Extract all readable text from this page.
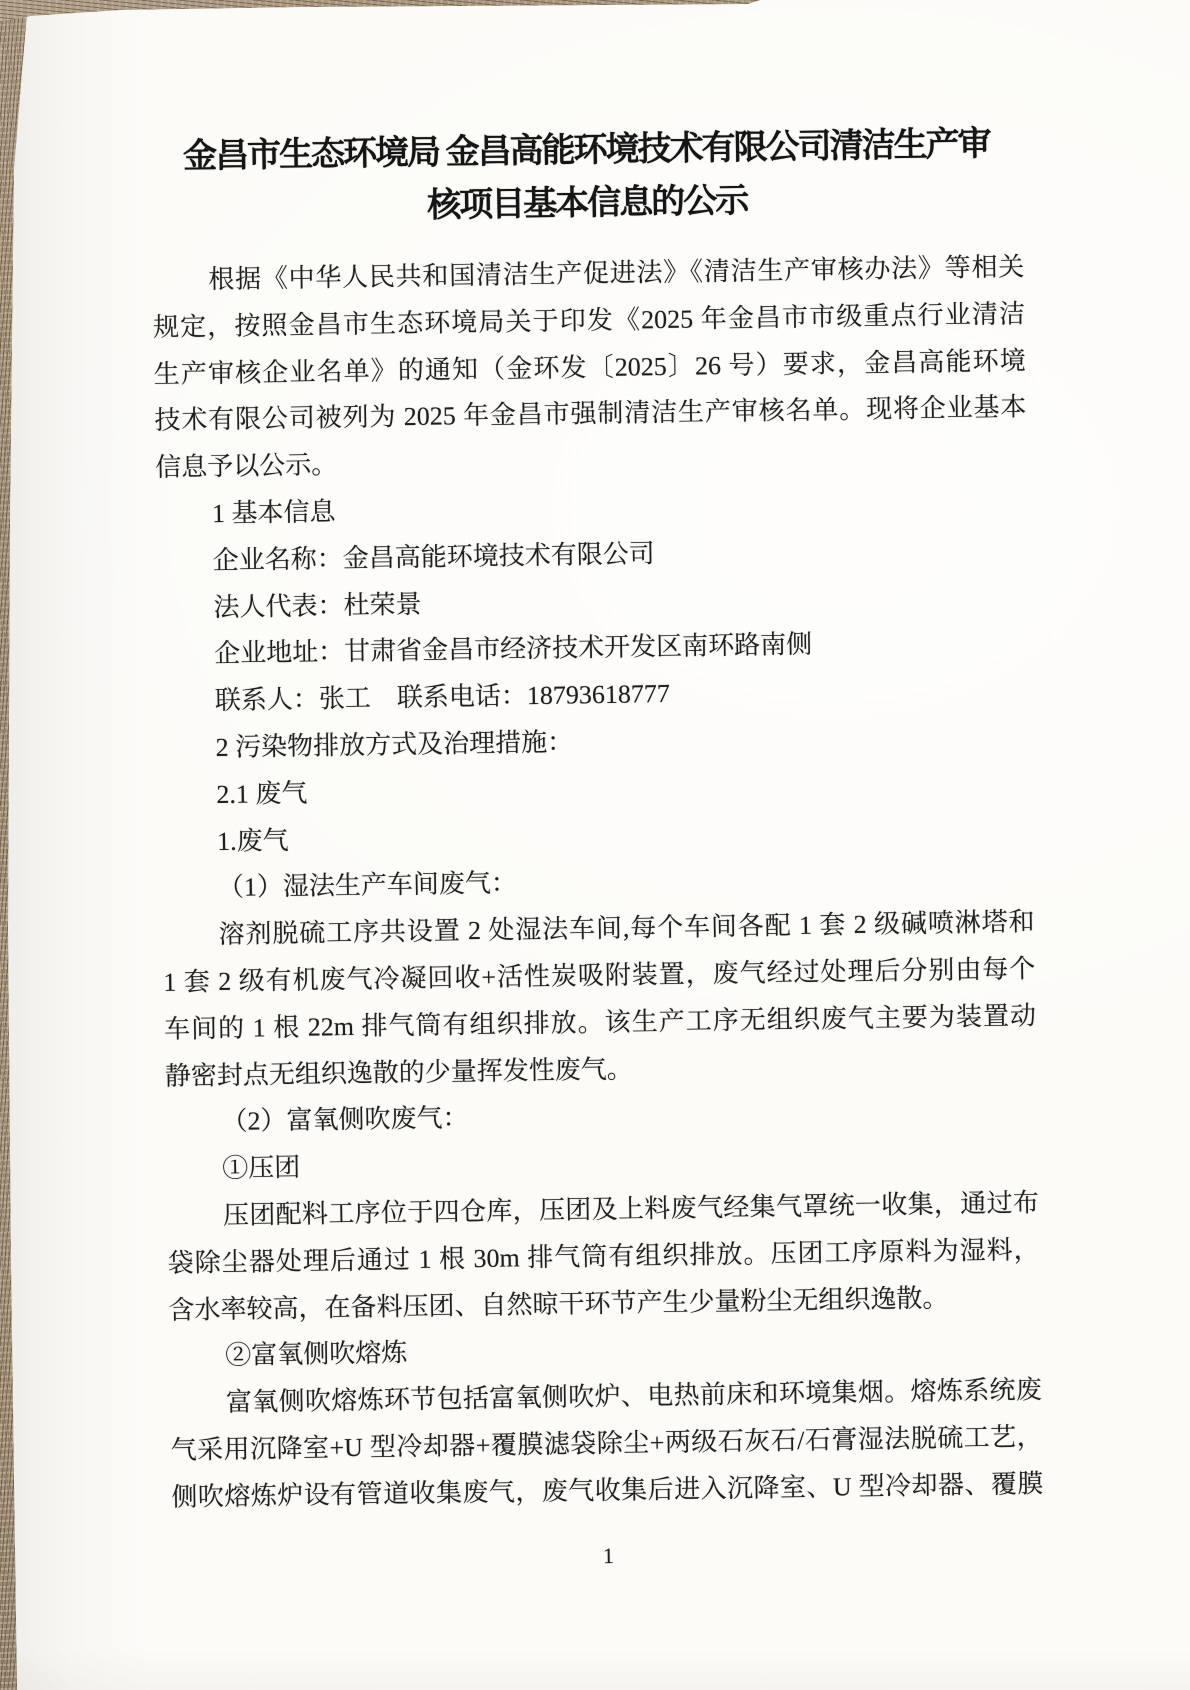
金昌市生态环境局 金昌高能环境技术有限公司清洁生产审
核项目基本信息的公示
根据《中华人民共和国清洁生产促进法》《清洁生产审核办法》等相关
规定，按照金昌市生态环境局关于印发《2025 年金昌市市级重点行业清洁
生产审核企业名单》的通知（金环发〔2025〕26 号）要求，金昌高能环境
技术有限公司被列为 2025 年金昌市强制清洁生产审核名单。现将企业基本
信息予以公示。
1 基本信息
企业名称：金昌高能环境技术有限公司
法人代表：杜荣景
企业地址：甘肃省金昌市经济技术开发区南环路南侧
联系人：张工　联系电话：18793618777
2 污染物排放方式及治理措施：
2.1 废气
1.废气
（1）湿法生产车间废气：
溶剂脱硫工序共设置 2 处湿法车间,每个车间各配 1 套 2 级碱喷淋塔和
1 套 2 级有机废气冷凝回收+活性炭吸附装置，废气经过处理后分别由每个
车间的 1 根 22m 排气筒有组织排放。该生产工序无组织废气主要为装置动
静密封点无组织逸散的少量挥发性废气。
（2）富氧侧吹废气：
①压团
压团配料工序位于四仓库，压团及上料废气经集气罩统一收集，通过布
袋除尘器处理后通过 1 根 30m 排气筒有组织排放。压团工序原料为湿料，
含水率较高，在备料压团、自然晾干环节产生少量粉尘无组织逸散。
②富氧侧吹熔炼
富氧侧吹熔炼环节包括富氧侧吹炉、电热前床和环境集烟。熔炼系统废
气采用沉降室+U 型冷却器+覆膜滤袋除尘+两级石灰石/石膏湿法脱硫工艺，
侧吹熔炼炉设有管道收集废气，废气收集后进入沉降室、U 型冷却器、覆膜
1
